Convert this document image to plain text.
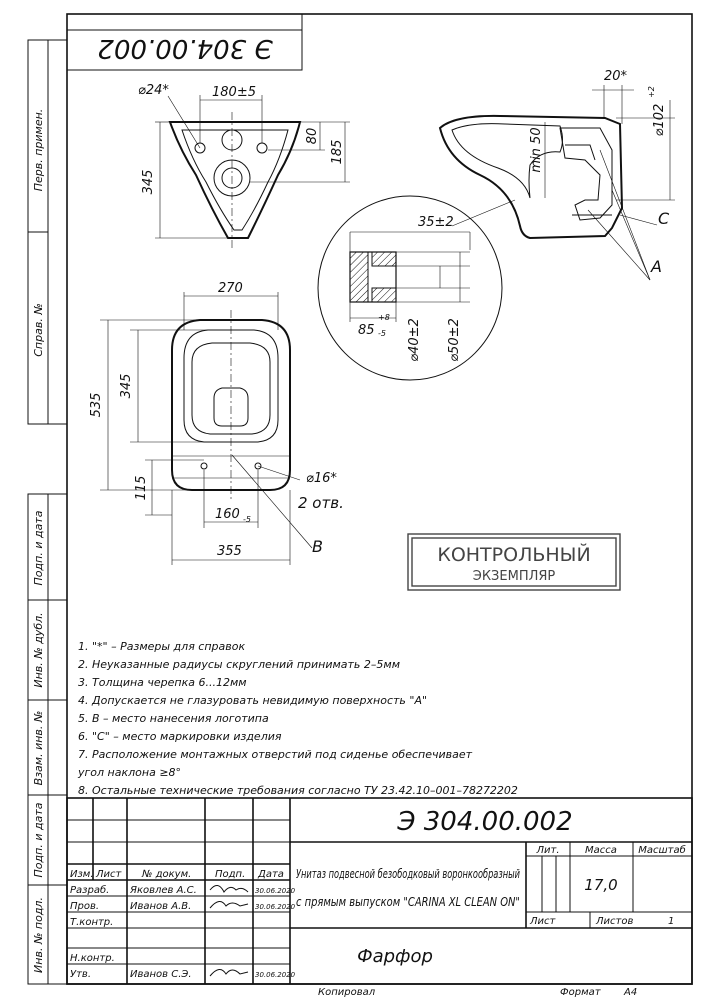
Перв. примен.
Справ. №
Подп. и дата
Инв. № дубл.
Взам. инв. №
Подп. и дата
Инв. № подл.
Э 304.00.002
⌀24*	180±5
345
80
185
20*
⌀102
+2
min 50
C
A
35±2
85
+8
-5 ⌀40±2 ⌀50±2
270
535
345
115	⌀16*
2 отв.
160 -5
355	B	КОНТРОЛЬНЫЙ
ЭКЗЕМПЛЯР
1. "*" – Размеры для справок
2. Неуказанные радиусы скруглений принимать 2–5мм
3. Толщина черепка 6...12мм
4. Допускается не глазуровать невидимую поверхность "А"
5. В – место нанесения логотипа
6. "С" – место маркировки изделия
7. Расположение монтажных отверстий под сиденье обеспечивает
угол наклона ≥8°
8. Остальные технические требования согласно ТУ 23.42.10–001–78272202
Э 304.00.002
Изм. Лист № докум. Подп. Дата
Разраб. Яковлев А.С.	30.06.2020
Пров.	Иванов А.В.	30.06.2020
Т.контр.
Н.контр.
Утв.	Иванов С.Э.	30.06.2020
Унитаз подвесной безободковый воронкообразный
с прямым выпуском "CARINA XL CLEAN ON"
Лит.	Масса Масштаб
17,0
Лист	Листов	1
Фарфор
Копировал	Формат А4
